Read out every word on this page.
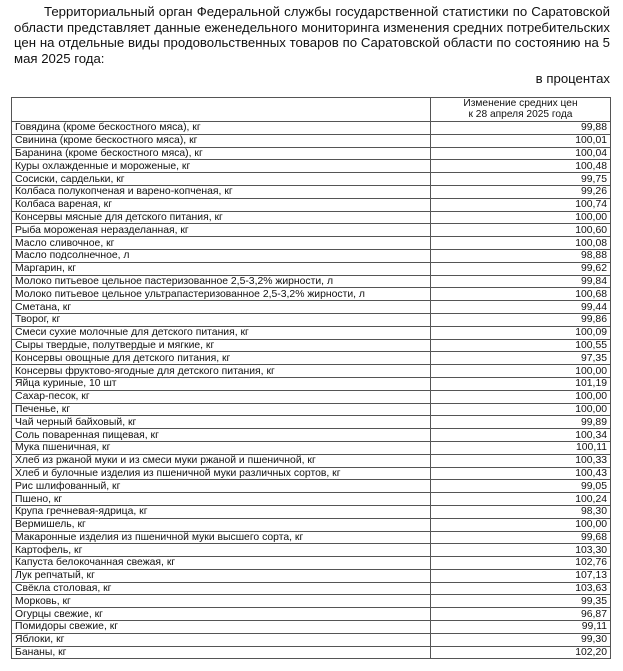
Территориальный орган Федеральной службы государственной статистики по Саратовской области представляет данные еженедельного мониторинга изменения средних потребительских цен на отдельные виды продовольственных товаров по Саратовской области по состоянию на 5 мая 2025 года:

в процентах

	Изменение средних цен
к 28 апреля 2025 года
Говядина (кроме бескостного мяса), кг	99,88
Свинина (кроме бескостного мяса), кг	100,01
Баранина (кроме бескостного мяса), кг	100,04
Куры охлажденные и мороженые, кг	100,48
Сосиски, сардельки, кг	99,75
Колбаса полукопченая и варено-копченая, кг	99,26
Колбаса вареная, кг	100,74
Консервы мясные для детского питания, кг	100,00
Рыба мороженая неразделанная, кг	100,60
Масло сливочное, кг	100,08
Масло подсолнечное, л	98,88
Маргарин, кг	99,62
Молоко питьевое цельное пастеризованное 2,5-3,2% жирности, л	99,84
Молоко питьевое цельное ультрапастеризованное 2,5-3,2% жирности, л	100,68
Сметана, кг	99,44
Творог, кг	99,86
Смеси сухие молочные для детского питания, кг	100,09
Сыры твердые, полутвердые и мягкие, кг	100,55
Консервы овощные для детского питания, кг	97,35
Консервы фруктово-ягодные для детского питания, кг	100,00
Яйца куриные, 10 шт	101,19
Сахар-песок, кг	100,00
Печенье, кг	100,00
Чай черный байховый, кг	99,89
Соль поваренная пищевая, кг	100,34
Мука пшеничная, кг	100,11
Хлеб из ржаной муки и из смеси муки ржаной и пшеничной, кг	100,33
Хлеб и булочные изделия из пшеничной муки различных сортов, кг	100,43
Рис шлифованный, кг	99,05
Пшено, кг	100,24
Крупа гречневая-ядрица, кг	98,30
Вермишель, кг	100,00
Макаронные изделия из пшеничной муки высшего сорта, кг	99,68
Картофель, кг	103,30
Капуста белокочанная свежая, кг	102,76
Лук репчатый, кг	107,13
Свёкла столовая, кг	103,63
Морковь, кг	99,35
Огурцы свежие, кг	96,87
Помидоры свежие, кг	99,11
Яблоки, кг	99,30
Бананы, кг	102,20
